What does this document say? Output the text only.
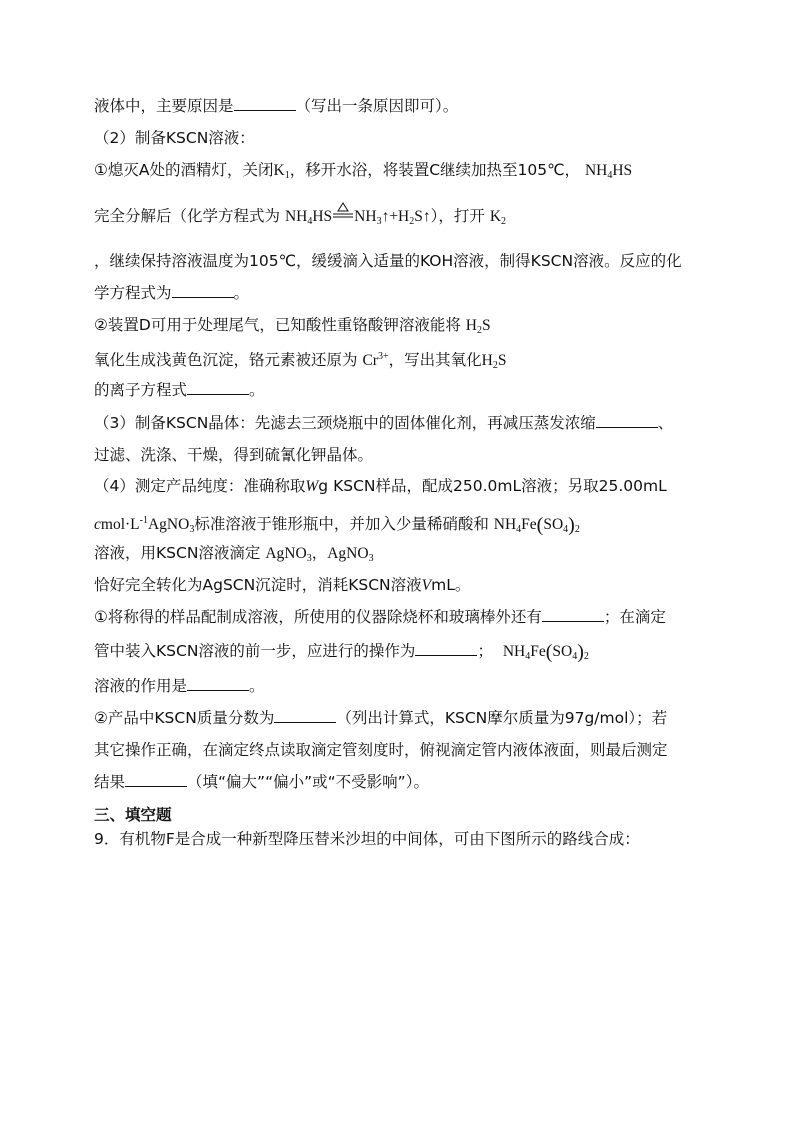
液体中，主要原因是	（写出一条原因即可）。
（2）制备KSCN溶液：
①熄灭A处的酒精灯，关闭$K_1$，移开水浴，将装置C继续加热至105℃， $NH_4HS$
完全分解后（化学方程式为 $NH_4HS$ $NH_3↑+H_2S↑$），打开 $K_2$
，继续保持溶液温度为105℃，缓缓滴入适量的KOH溶液，制得KSCN溶液。反应的化
学方程式为	。
②装置D可用于处理尾气，已知酸性重铬酸钾溶液能将 $H_2S$
氧化生成浅黄色沉淀，铬元素被还原为 $Cr^{3+}$，写出其氧化$H_2S$
的离子方程式	。
（3）制备KSCN晶体：先滤去三颈烧瓶中的固体催化剂，再减压蒸发浓缩	、
过滤、洗涤、干燥，得到硫氰化钾晶体。
（4）测定产品纯度：准确称取Wg KSCN样品，配成250.0mL溶液；另取25.00mL
$cmol\cdot L^{-1}AgNO_3$标准溶液于锥形瓶中，并加入少量稀硝酸和 $NH_4Fe(SO_4)_2$
溶液，用KSCN溶液滴定 AgNO$_3$，AgNO$_3$
恰好完全转化为AgSCN沉淀时，消耗KSCN溶液VmL。
①将称得的样品配制成溶液，所使用的仪器除烧杯和玻璃棒外还有	；在滴定
管中装入KSCN溶液的前一步，应进行的操作为	； $NH_4Fe(SO_4)_2$
溶液的作用是	。
②产品中KSCN质量分数为	（列出计算式，KSCN摩尔质量为97g/mol）；若
其它操作正确，在滴定终点读取滴定管刻度时，俯视滴定管内液体液面，则最后测定
结果	（填“偏大”“偏小”或“不受影响”）。
三、填空题
9．有机物F是合成一种新型降压替米沙坦的中间体，可由下图所示的路线合成：
